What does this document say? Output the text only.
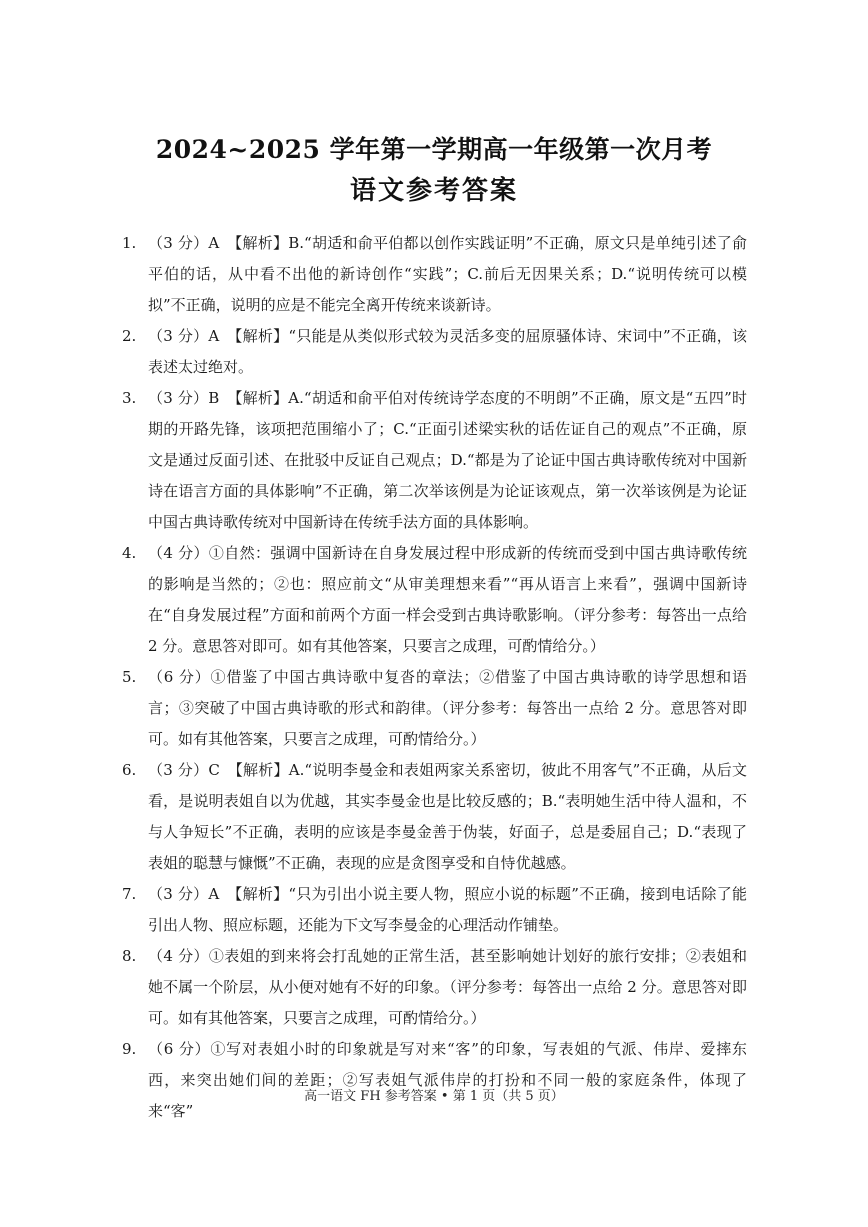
2024~2025 学年第一学期高一年级第一次月考
语文参考答案
1. （3 分）A　【解析】B.“胡适和俞平伯都以创作实践证明”不正确，原文只是单纯引述了俞平伯的话，从中看不出他的新诗创作“实践”；C.前后无因果关系；D.“说明传统可以模拟”不正确，说明的应是不能完全离开传统来谈新诗。
2. （3 分）A　【解析】“只能是从类似形式较为灵活多变的屈原骚体诗、宋词中”不正确，该表述太过绝对。
3. （3 分）B　【解析】A.“胡适和俞平伯对传统诗学态度的不明朗”不正确，原文是“五四”时期的开路先锋，该项把范围缩小了；C.“正面引述梁实秋的话佐证自己的观点”不正确，原文是通过反面引述、在批驳中反证自己观点；D.“都是为了论证中国古典诗歌传统对中国新诗在语言方面的具体影响”不正确，第二次举该例是为论证该观点，第一次举该例是为论证中国古典诗歌传统对中国新诗在传统手法方面的具体影响。
4. （4 分）①自然：强调中国新诗在自身发展过程中形成新的传统而受到中国古典诗歌传统的影响是当然的；②也：照应前文“从审美理想来看”“再从语言上来看”，强调中国新诗在“自身发展过程”方面和前两个方面一样会受到古典诗歌影响。（评分参考：每答出一点给 2 分。意思答对即可。如有其他答案，只要言之成理，可酌情给分。）
5. （6 分）①借鉴了中国古典诗歌中复沓的章法；②借鉴了中国古典诗歌的诗学思想和语言；③突破了中国古典诗歌的形式和韵律。（评分参考：每答出一点给 2 分。意思答对即可。如有其他答案，只要言之成理，可酌情给分。）
6. （3 分）C　【解析】A.“说明李曼金和表姐两家关系密切，彼此不用客气”不正确，从后文看，是说明表姐自以为优越，其实李曼金也是比较反感的；B.“表明她生活中待人温和，不与人争短长”不正确，表明的应该是李曼金善于伪装，好面子，总是委屈自己；D.“表现了表姐的聪慧与慷慨”不正确，表现的应是贪图享受和自恃优越感。
7. （3 分）A　【解析】“只为引出小说主要人物，照应小说的标题”不正确，接到电话除了能引出人物、照应标题，还能为下文写李曼金的心理活动作铺垫。
8. （4 分）①表姐的到来将会打乱她的正常生活，甚至影响她计划好的旅行安排；②表姐和她不属一个阶层，从小便对她有不好的印象。（评分参考：每答出一点给 2 分。意思答对即可。如有其他答案，只要言之成理，可酌情给分。）
9. （6 分）①写对表姐小时的印象就是写对来“客”的印象，写表姐的气派、伟岸、爱摔东西，来突出她们间的差距；②写表姐气派伟岸的打扮和不同一般的家庭条件，体现了来“客”
高一语文 FH 参考答案 • 第 1 页（共 5 页）
